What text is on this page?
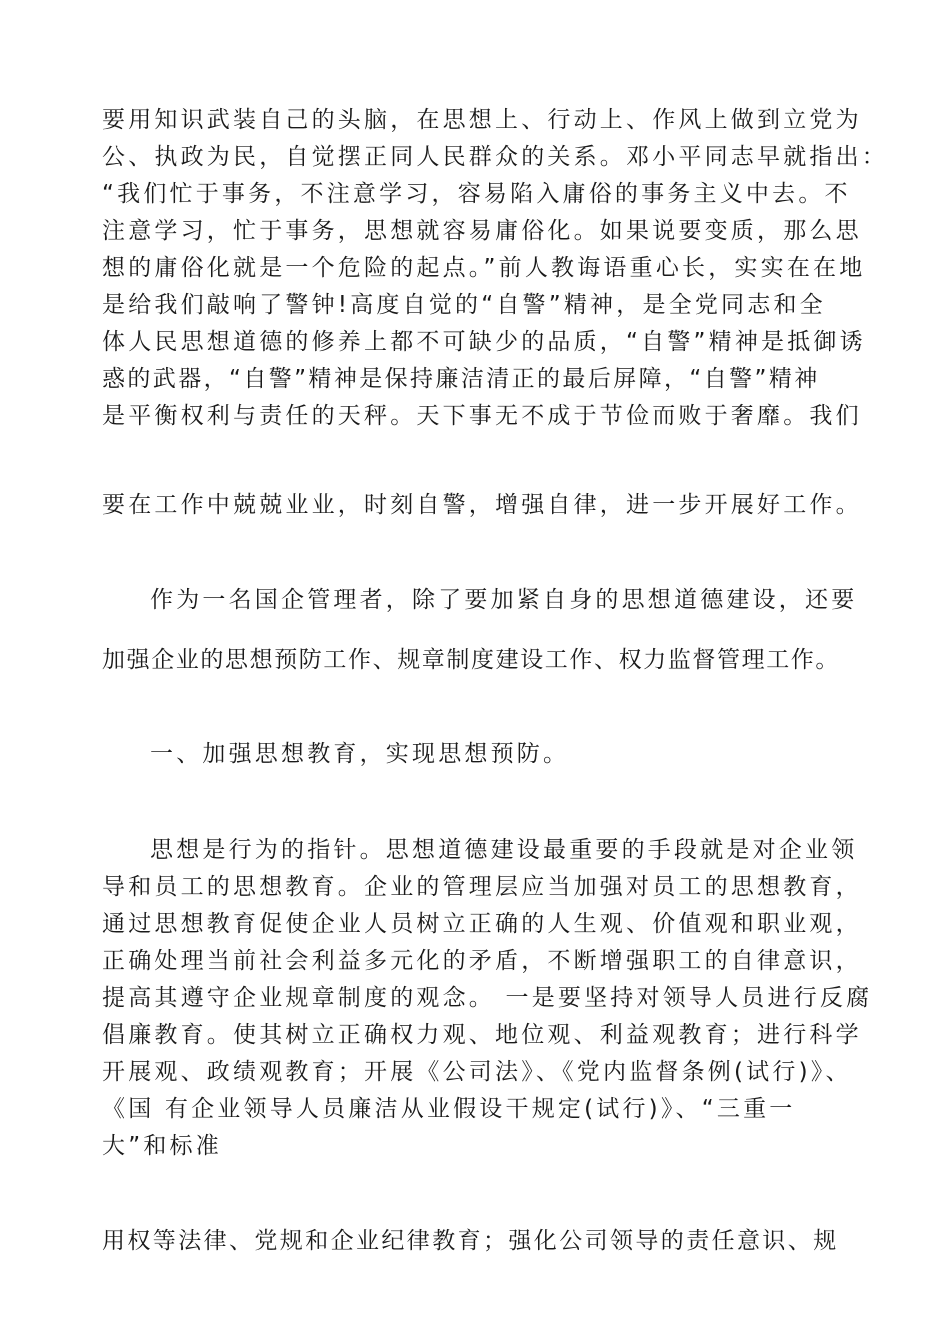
要用知识武装自己的头脑，在思想上、行动上、作风上做到立党为
公、执政为民，自觉摆正同人民群众的关系。邓小平同志早就指出：
“我们忙于事务，不注意学习，容易陷入庸俗的事务主义中去。不
注意学习，忙于事务，思想就容易庸俗化。如果说要变质，那么思
想的庸俗化就是一个危险的起点。”前人教诲语重心长，实实在在地
是给我们敲响了警钟!高度自觉的“自警”精神，是全党同志和全
体人民思想道德的修养上都不可缺少的品质，“自警”精神是抵御诱
惑的武器，“自警”精神是保持廉洁清正的最后屏障，“自警”精神
是平衡权利与责任的天秤。天下事无不成于节俭而败于奢靡。我们
要在工作中兢兢业业，时刻自警，增强自律，进一步开展好工作。
作为一名国企管理者，除了要加紧自身的思想道德建设，还要
加强企业的思想预防工作、规章制度建设工作、权力监督管理工作。
一、加强思想教育，实现思想预防。
思想是行为的指针。思想道德建设最重要的手段就是对企业领
导和员工的思想教育。企业的管理层应当加强对员工的思想教育，
通过思想教育促使企业人员树立正确的人生观、价值观和职业观，
正确处理当前社会利益多元化的矛盾，不断增强职工的自律意识，
提高其遵守企业规章制度的观念。 一是要坚持对领导人员进行反腐
倡廉教育。使其树立正确权力观、地位观、利益观教育；进行科学
开展观、政绩观教育；开展《公司法》、《党内监督条例(试行)》、
《国 有企业领导人员廉洁从业假设干规定(试行)》、“三重一
大”和标准
用权等法律、党规和企业纪律教育；强化公司领导的责任意识、规
